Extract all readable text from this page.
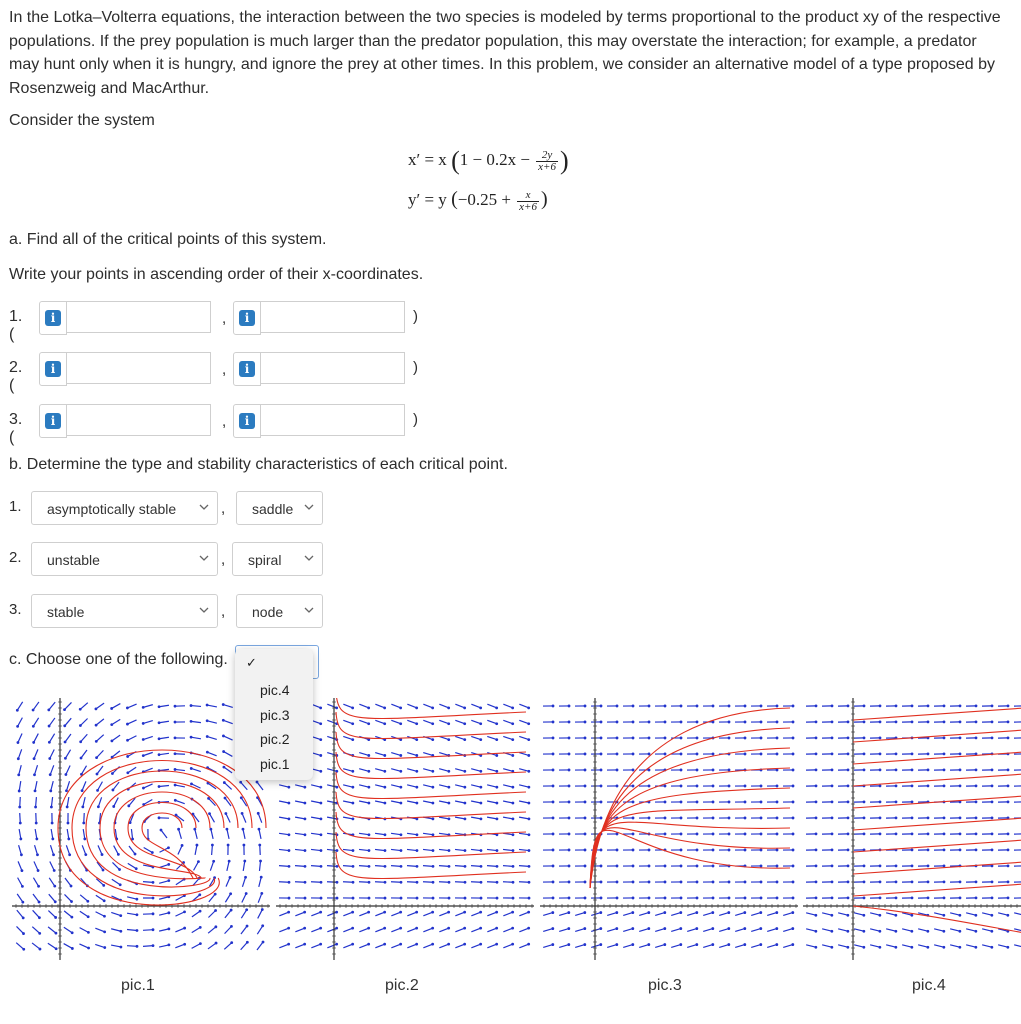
In the Lotka–Volterra equations, the interaction between the two species is modeled by terms proportional to the product xy of the respective populations. If the prey population is much larger than the predator population, this may overstate the interaction; for example, a predator may hunt only when it is hungry, and ignore the prey at other times. In this problem, we consider an alternative model of a type proposed by Rosenzweig and MacArthur.
Consider the system
x′ = x ($1 - 0.2x - \frac{2y}{x+6}$ )
y′ = y ($-0.25 + \frac{x}{x+6}$ )
a. Find all of the critical points of this system.
Write your points in ascending order of their x-coordinates.
1. (
i	,	i	)
2. (
i	,	i	)
3. (
i	,	i	)
b. Determine the type and stability characteristics of each critical point.
1. asymptotically stable	, saddle
2. unstable	, spiral
3. stable	, node
c. Choose one of the following.
pic.1	pic.2	pic.3	pic.4
✓
pic.4
pic.3
pic.2
pic.1
